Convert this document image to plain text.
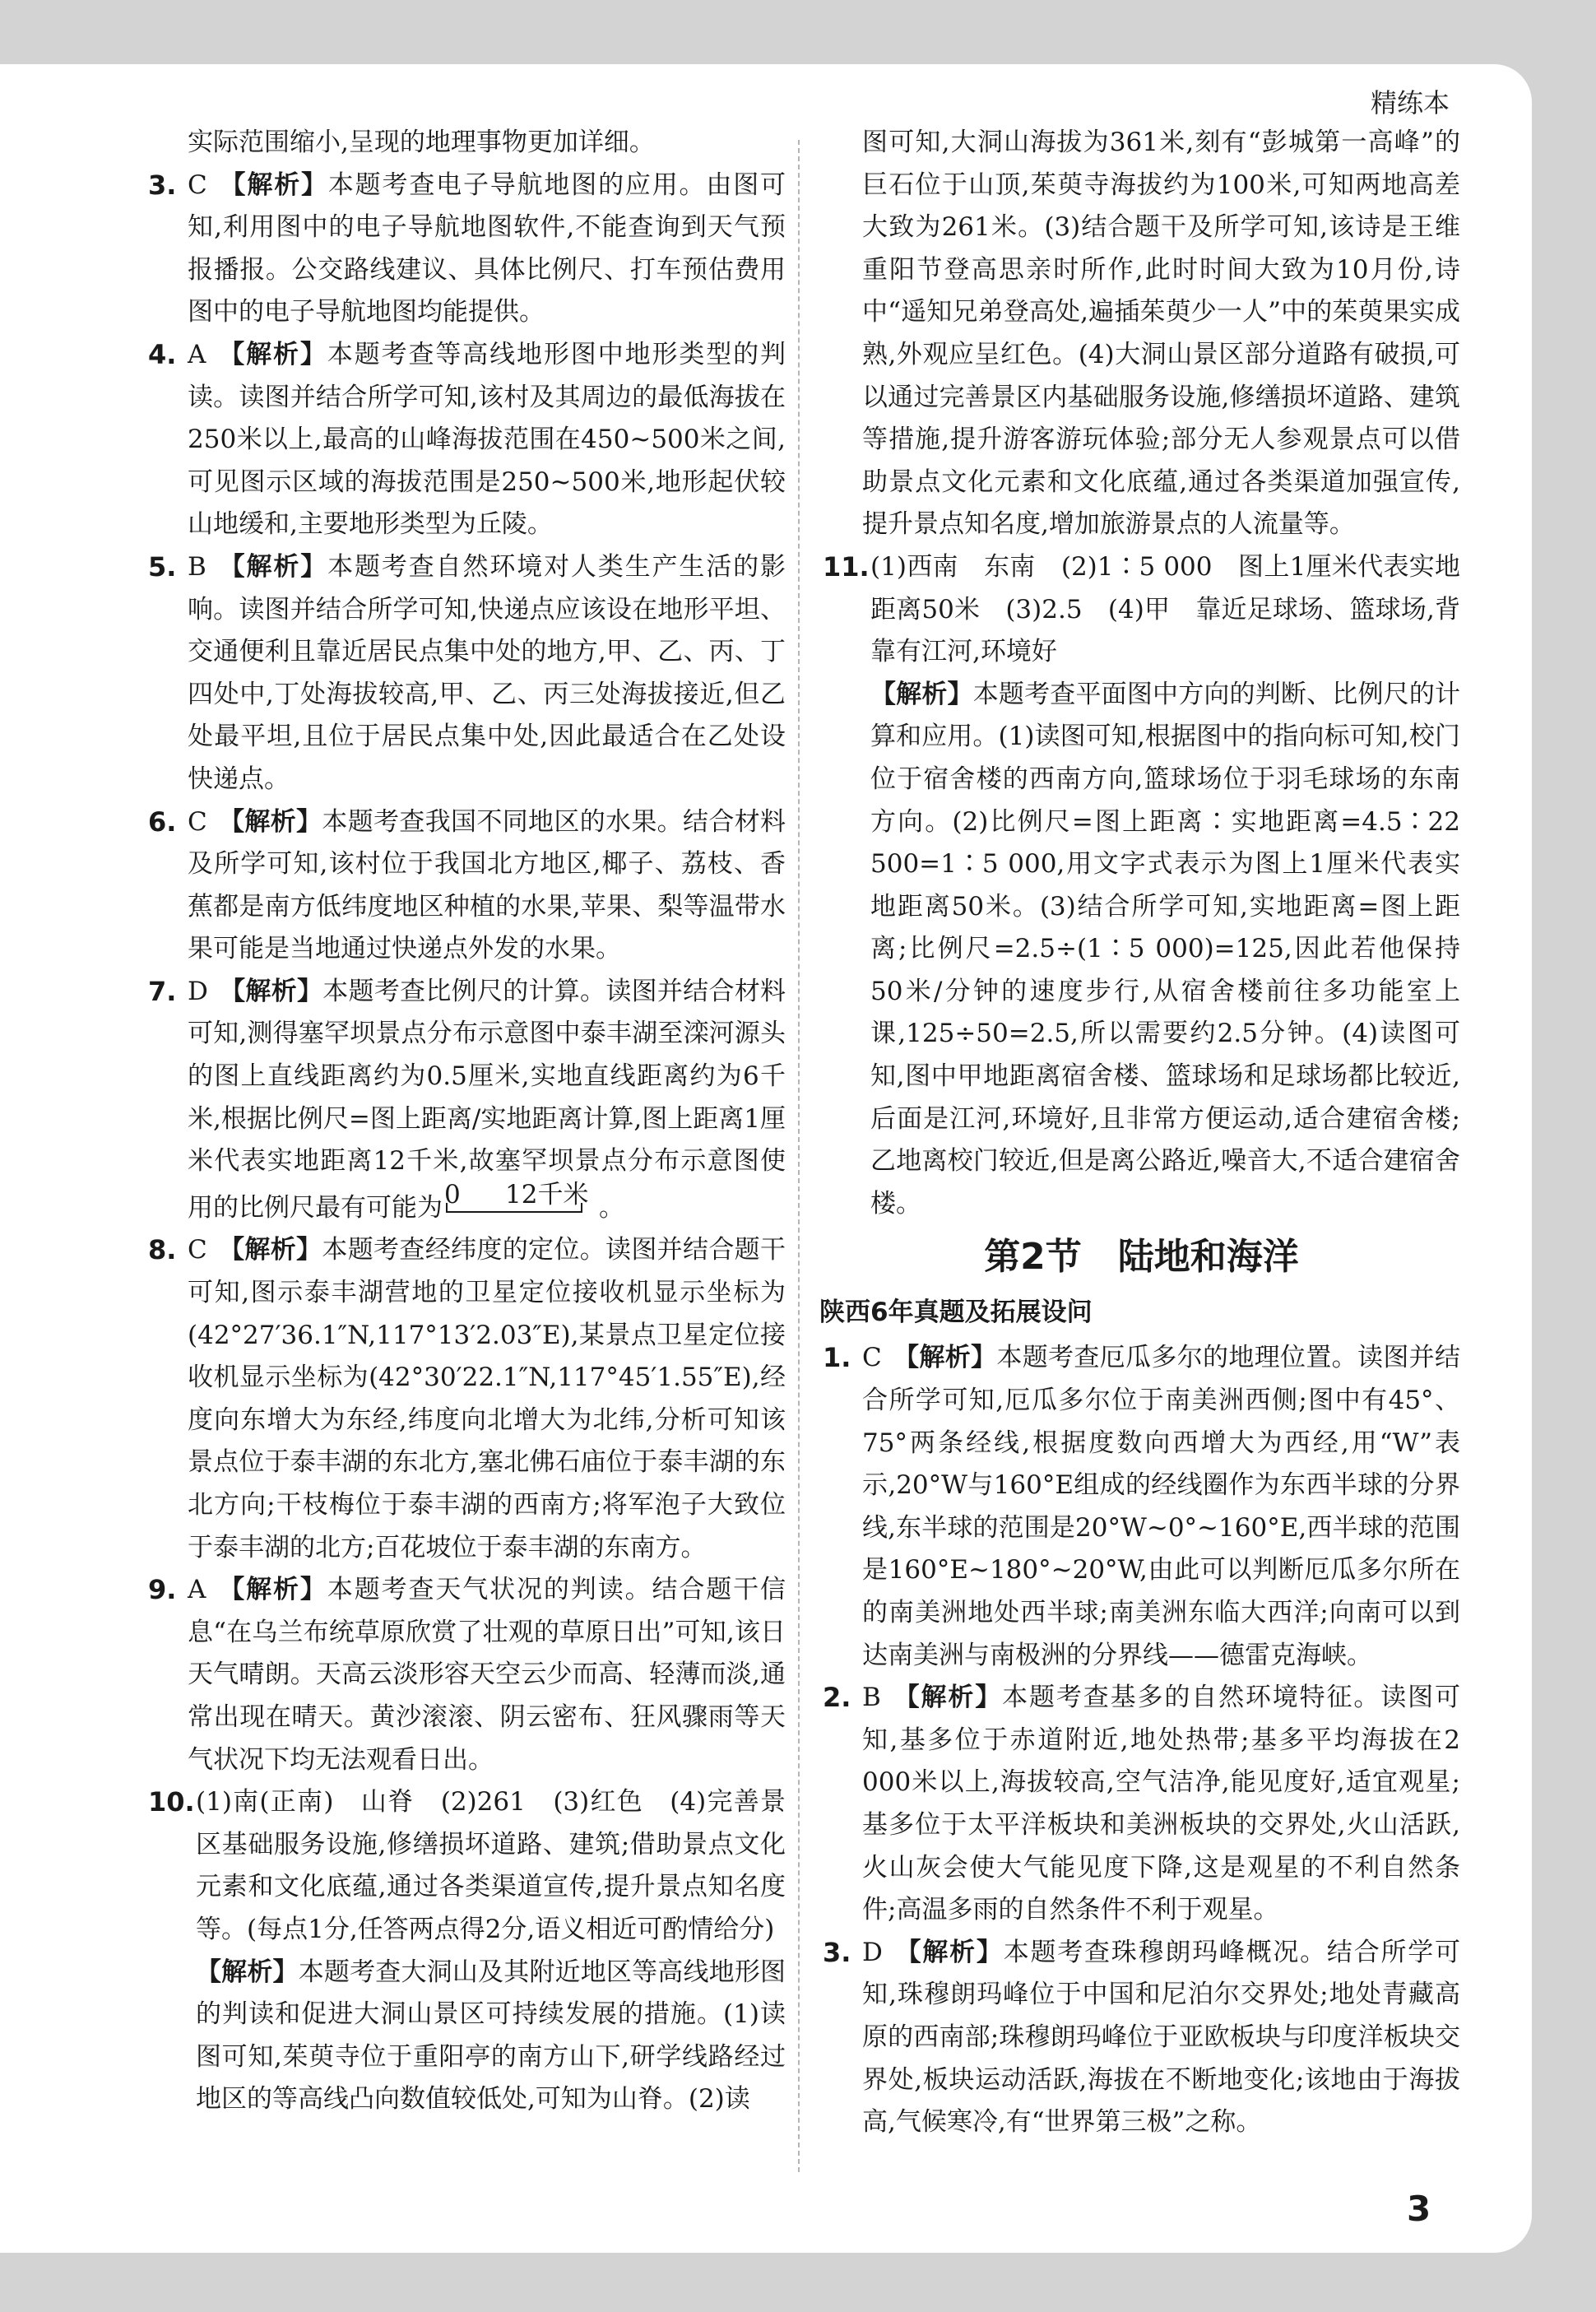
精练本

实际范围缩小,呈现的地理事物更加详细。

3. C 【解析】本题考查电子导航地图的应用。由图可知,利用图中的电子导航地图软件,不能查询到天气预报播报。公交路线建议、具体比例尺、打车预估费用图中的电子导航地图均能提供。

4. A 【解析】本题考查等高线地形图中地形类型的判读。读图并结合所学可知,该村及其周边的最低海拔在250米以上,最高的山峰海拔范围在450~500米之间,可见图示区域的海拔范围是250~500米,地形起伏较山地缓和,主要地形类型为丘陵。

5. B 【解析】本题考查自然环境对人类生产生活的影响。读图并结合所学可知,快递点应该设在地形平坦、交通便利且靠近居民点集中处的地方,甲、乙、丙、丁四处中,丁处海拔较高,甲、乙、丙三处海拔接近,但乙处最平坦,且位于居民点集中处,因此最适合在乙处设快递点。

6. C 【解析】本题考查我国不同地区的水果。结合材料及所学可知,该村位于我国北方地区,椰子、荔枝、香蕉都是南方低纬度地区种植的水果,苹果、梨等温带水果可能是当地通过快递点外发的水果。

7. D 【解析】本题考查比例尺的计算。读图并结合材料可知,测得塞罕坝景点分布示意图中泰丰湖至滦河源头的图上直线距离约为0.5厘米,实地直线距离约为6千米,根据比例尺=图上距离/实地距离计算,图上距离1厘米代表实地距离12千米,故塞罕坝景点分布示意图使用的比例尺最有可能为 0 12千米 。

8. C 【解析】本题考查经纬度的定位。读图并结合题干可知,图示泰丰湖营地的卫星定位接收机显示坐标为(42°27′36.1″N,117°13′2.03″E),某景点卫星定位接收机显示坐标为(42°30′22.1″N,117°45′1.55″E),经度向东增大为东经,纬度向北增大为北纬,分析可知该景点位于泰丰湖的东北方,塞北佛石庙位于泰丰湖的东北方向;干枝梅位于泰丰湖的西南方;将军泡子大致位于泰丰湖的北方;百花坡位于泰丰湖的东南方。

9. A 【解析】本题考查天气状况的判读。结合题干信息“在乌兰布统草原欣赏了壮观的草原日出”可知,该日天气晴朗。天高云淡形容天空云少而高、轻薄而淡,通常出现在晴天。黄沙滚滚、阴云密布、狂风骤雨等天气状况下均无法观看日出。

10. (1)南(正南)　山脊　(2)261　(3)红色　(4)完善景区基础服务设施,修缮损坏道路、建筑;借助景点文化元素和文化底蕴,通过各类渠道宣传,提升景点知名度等。(每点1分,任答两点得2分,语义相近可酌情给分)

【解析】本题考查大洞山及其附近地区等高线地形图的判读和促进大洞山景区可持续发展的措施。(1)读图可知,茱萸寺位于重阳亭的南方山下,研学线路经过地区的等高线凸向数值较低处,可知为山脊。(2)读

图可知,大洞山海拔为361米,刻有“彭城第一高峰”的巨石位于山顶,茱萸寺海拔约为100米,可知两地高差大致为261米。(3)结合题干及所学可知,该诗是王维重阳节登高思亲时所作,此时时间大致为10月份,诗中“遥知兄弟登高处,遍插茱萸少一人”中的茱萸果实成熟,外观应呈红色。(4)大洞山景区部分道路有破损,可以通过完善景区内基础服务设施,修缮损坏道路、建筑等措施,提升游客游玩体验;部分无人参观景点可以借助景点文化元素和文化底蕴,通过各类渠道加强宣传,提升景点知名度,增加旅游景点的人流量等。

11. (1)西南　东南　(2)1∶5 000　图上1厘米代表实地距离50米　(3)2.5　(4)甲　靠近足球场、篮球场,背靠有江河,环境好

【解析】本题考查平面图中方向的判断、比例尺的计算和应用。(1)读图可知,根据图中的指向标可知,校门位于宿舍楼的西南方向,篮球场位于羽毛球场的东南方向。(2)比例尺=图上距离∶实地距离=4.5∶22 500=1∶5 000,用文字式表示为图上1厘米代表实地距离50米。(3)结合所学可知,实地距离=图上距离;比例尺=2.5÷(1∶5 000)=125,因此若他保持50米/分钟的速度步行,从宿舍楼前往多功能室上课,125÷50=2.5,所以需要约2.5分钟。(4)读图可知,图中甲地距离宿舍楼、篮球场和足球场都比较近,后面是江河,环境好,且非常方便运动,适合建宿舍楼;乙地离校门较近,但是离公路近,噪音大,不适合建宿舍楼。

第2节　陆地和海洋
陕西6年真题及拓展设问
1. C 【解析】本题考查厄瓜多尔的地理位置。读图并结合所学可知,厄瓜多尔位于南美洲西侧;图中有45°、75°两条经线,根据度数向西增大为西经,用“W”表示,20°W与160°E组成的经线圈作为东西半球的分界线,东半球的范围是20°W~0°~160°E,西半球的范围是160°E~180°~20°W,由此可以判断厄瓜多尔所在的南美洲地处西半球;南美洲东临大西洋;向南可以到达南美洲与南极洲的分界线——德雷克海峡。

2. B 【解析】本题考查基多的自然环境特征。读图可知,基多位于赤道附近,地处热带;基多平均海拔在2 000米以上,海拔较高,空气洁净,能见度好,适宜观星;基多位于太平洋板块和美洲板块的交界处,火山活跃,火山灰会使大气能见度下降,这是观星的不利自然条件;高温多雨的自然条件不利于观星。

3. D 【解析】本题考查珠穆朗玛峰概况。结合所学可知,珠穆朗玛峰位于中国和尼泊尔交界处;地处青藏高原的西南部;珠穆朗玛峰位于亚欧板块与印度洋板块交界处,板块运动活跃,海拔在不断地变化;该地由于海拔高,气候寒冷,有“世界第三极”之称。

3
